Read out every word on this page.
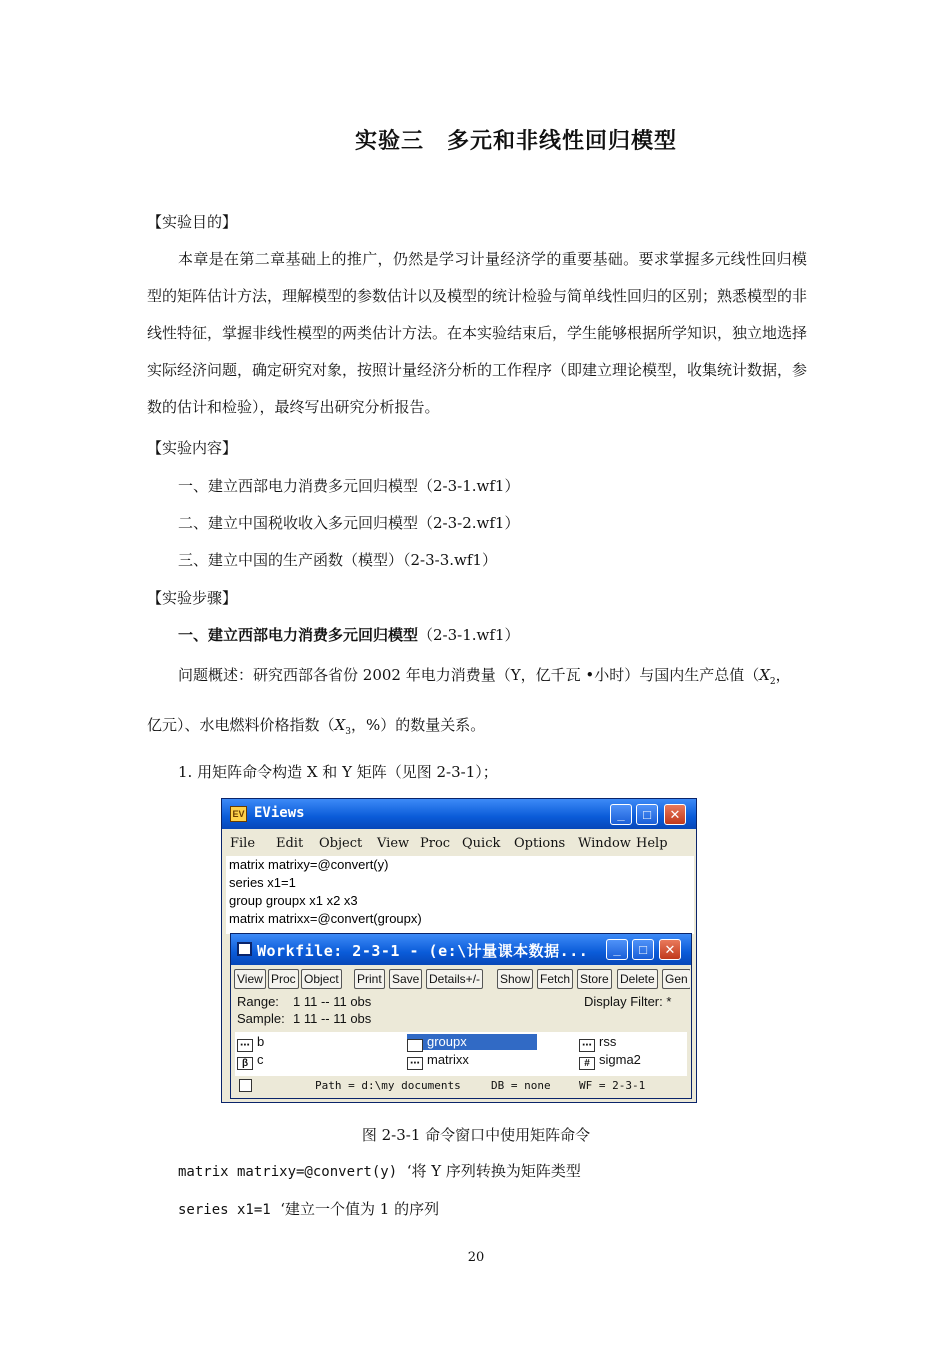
实验三　多元和非线性回归模型
【实验目的】
本章是在第二章基础上的推广，仍然是学习计量经济学的重要基础。要求掌握多元线性回归模型的矩阵估计方法，理解模型的参数估计以及模型的统计检验与简单线性回归的区别；熟悉模型的非线性特征，掌握非线性模型的两类估计方法。在本实验结束后，学生能够根据所学知识，独立地选择实际经济问题，确定研究对象，按照计量经济分析的工作程序（即建立理论模型，收集统计数据，参数的估计和检验），最终写出研究分析报告。
【实验内容】
一、建立西部电力消费多元回归模型（2-3-1.wf1）
二、建立中国税收收入多元回归模型（2-3-2.wf1）
三、建立中国的生产函数（模型）（2-3-3.wf1）
【实验步骤】
一、建立西部电力消费多元回归模型（2-3-1.wf1）
问题概述：研究西部各省份 2002 年电力消费量（Y，亿千瓦 •小时）与国内生产总值（$X_2$，
亿元）、水电燃料价格指数（$X_3$，%）的数量关系。
1. 用矩阵命令构造 X 和 Y 矩阵（见图 2-3-1）；
EV EViews	_	□	✕
File Edit Object View Proc Quick Options Window Help
matrix matrixy=@convert(y)
series x1=1
group groupx x1 x2 x3
matrix matrixx=@convert(groupx)
Workfile: 2-3-1 - (e:\计量课本数据...	_	□	✕
View Proc Object Print Save Details+/- Show Fetch Store Delete Gen
Range: 1 11 -- 11 obs
Sample: 1 11 -- 11 obs
Display Filter: *
⋯ b
β c
G groupx
⋯ matrixx
⋯ rss
# sigma2
Path = d:\my documents	DB = none	WF = 2-3-1
图 2-3-1 命令窗口中使用矩阵命令
matrix matrixy=@convert(y) ‘将 Y 序列转换为矩阵类型
series x1=1 ‘建立一个值为 1 的序列
20
